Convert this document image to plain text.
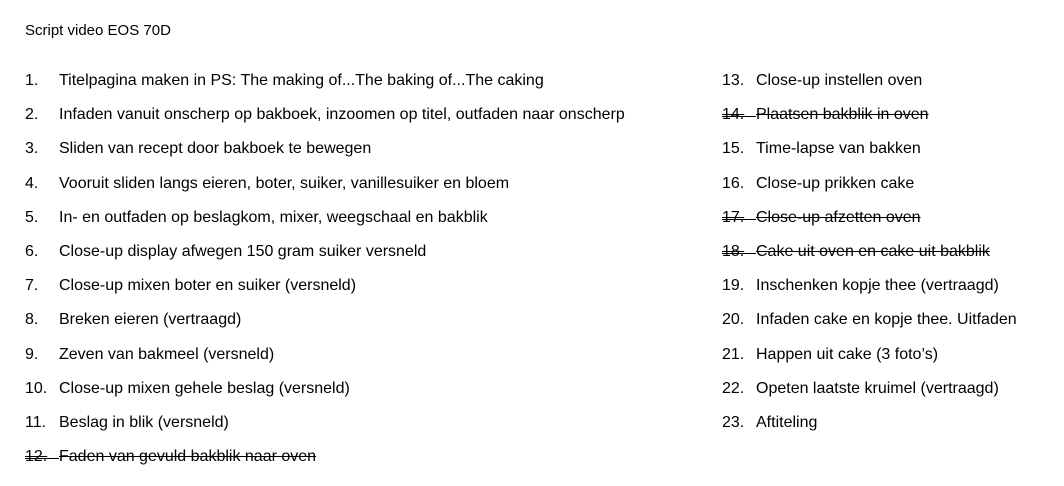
Script video EOS 70D
1.	Titelpagina maken in PS: The making of...The baking of...The caking
2.	Infaden vanuit onscherp op bakboek, inzoomen op titel, outfaden naar onscherp
3.	Sliden van recept door bakboek te bewegen
4.	Vooruit sliden langs eieren, boter, suiker, vanillesuiker en bloem
5.	In- en outfaden op beslagkom, mixer, weegschaal en bakblik
6.	Close-up display afwegen 150 gram suiker versneld
7.	Close-up mixen boter en suiker (versneld)
8.	Breken eieren (vertraagd)
9.	Zeven van bakmeel (versneld)
10. Close-up mixen gehele beslag (versneld)
11. Beslag in blik (versneld)
12. Faden van gevuld bakblik naar oven
13. Close-up instellen oven
14. Plaatsen bakblik in oven
15. Time-lapse van bakken
16. Close-up prikken cake
17. Close-up afzetten oven
18. Cake uit oven en cake uit bakblik
19. Inschenken kopje thee (vertraagd)
20. Infaden cake en kopje thee. Uitfaden
21. Happen uit cake (3 foto’s)
22. Opeten laatste kruimel (vertraagd)
23. Aftiteling
